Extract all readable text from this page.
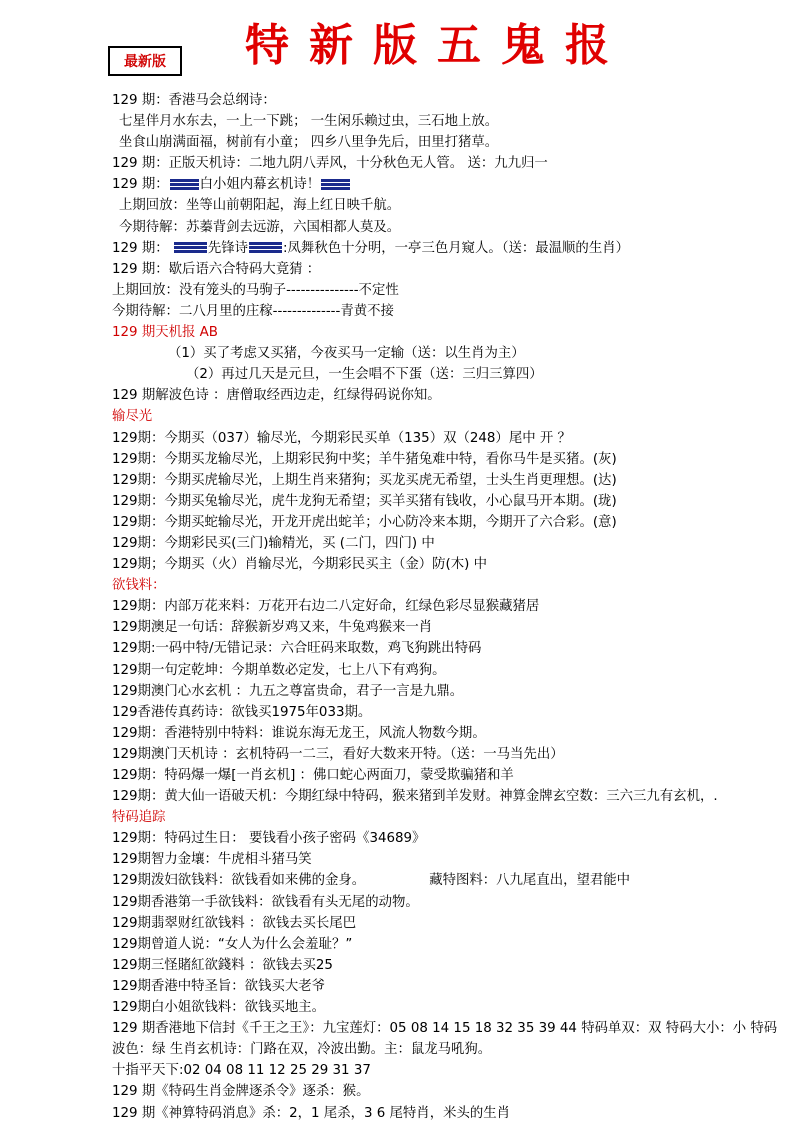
最新版	特新版五鬼报
129 期：香港马会总纲诗：
七星伴月水东去，一上一下跳； 一生闲乐赖过虫，三石地上放。
坐食山崩满面福，树前有小童； 四乡八里争先后，田里打猪草。
129 期：正版天机诗：二地九阴八弄风，十分秋色无人管。 送：九九归一
129 期： 白小姐内幕玄机诗！
上期回放：坐等山前朝阳起，海上红日映千航。
今期待解：苏蓁背剑去远游，六国相都人莫及。
129 期：	先锋诗	:凤舞秋色十分明，一亭三色月窥人。（送：最温顺的生肖）
129 期：歇后语六合特码大竟猜 ：
上期回放：没有笼头的马驹子---------------不定性
今期待解：二八月里的庄稼--------------青黄不接
129 期天机报 AB
（1）买了考虑又买猪，今夜买马一定输（送：以生肖为主）
（2）再过几天是元旦，一生会唱不下蛋（送：三归三算四）
129 期解波色诗 ：唐僧取经西边走，红绿得码说你知。
输尽光
129期：今期买（037）输尽光，今期彩民买单（135）双（248）尾中 开 ？
129期：今期买龙输尽光，上期彩民狗中奖；羊牛猪兔难中特，看你马牛是买猪。(灰)
129期：今期买虎输尽光，上期生肖来猪狗；买龙买虎无希望，士头生肖更理想。(达)
129期：今期买兔输尽光，虎牛龙狗无希望；买羊买猪有钱收，小心鼠马开本期。(珑)
129期：今期买蛇输尽光，开龙开虎出蛇羊；小心防冷来本期，今期开了六合彩。(意)
129期：今期彩民买(三门)输精光，买 (二门，四门) 中
129期；今期买（火）肖输尽光，今期彩民买主（金）防(木) 中
欲钱料：
129期：内部万花来料：万花开右边二八定好命，红绿色彩尽显猴藏猪居
129期澳足一句话：辞猴新岁鸡又来，牛兔鸡猴来一肖
129期:一码中特/无错记录：六合旺码来取数，鸡飞狗跳出特码
129期一句定乾坤：今期单数必定发，七上八下有鸡狗。
129期澳门心水玄机 ：九五之尊富贵命，君子一言是九鼎。
129香港传真药诗：欲钱买1975年033期。
129期：香港特别中特料：谁说东海无龙王，风流人物数今期。
129期澳门天机诗 ：玄机特码一二三，看好大数来开特。（送：一马当先出）
129期：特码爆一爆[一肖玄机] ：佛口蛇心两面刀，蒙受欺骗猪和羊
129期：黄大仙一语破天机：今期红绿中特码，猴来猪到羊发财。神算金牌玄空数：三六三九有玄机，.
特码追踪
129期：特码过生日： 要钱看小孩子密码《34689》
129期智力金壤：牛虎相斗猪马笑
129期泼妇欲钱料：欲钱看如来佛的金身。	藏特图料：八九尾直出，望君能中
129期香港第一手欲钱料：欲钱看有头无尾的动物。
129期翡翠财红欲钱料 ：欲钱去买长尾巴
129期曾道人说：“女人为什么会羞耻？”
129期三怪賭紅欲錢料 ：欲钱去买25
129期香港中特圣旨：欲钱买大老爷
129期白小姐欲钱料：欲钱买地主。
129 期香港地下信封《千王之王》：九宝莲灯：05 08 14 15 18 32 35 39 44 特码单双：双 特码大小：小 特码波色：绿 生肖玄机诗：门路在双，冷波出勤。主：鼠龙马吼狗。
十指平天下:02 04 08 11 12 25 29 31 37
129 期《特码生肖金牌逐杀令》逐杀：猴。
129 期《神算特码消息》杀：2，1 尾杀，3 6 尾特肖，米头的生肖
